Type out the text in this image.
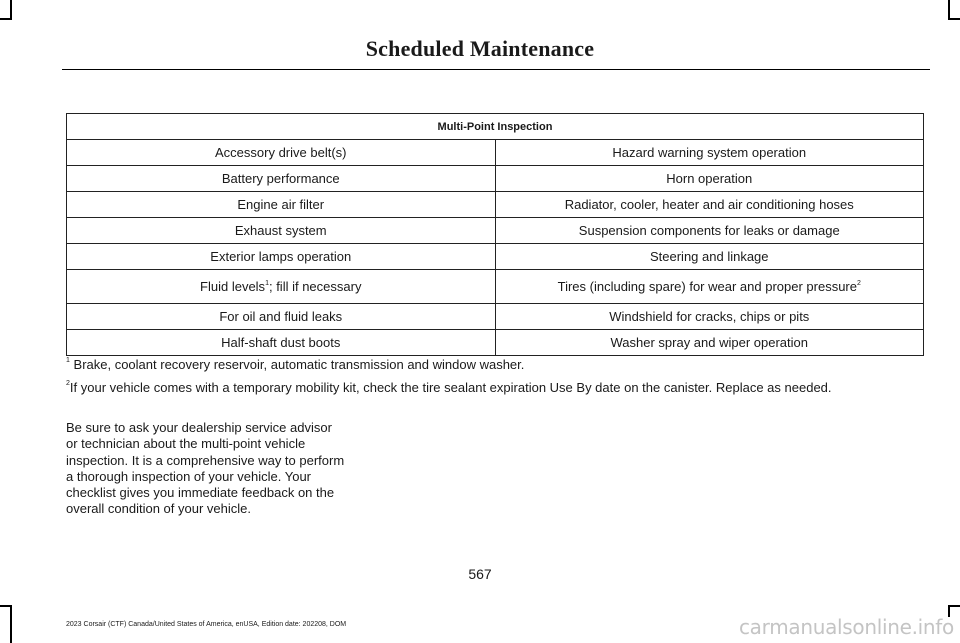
Scheduled Maintenance
Multi-Point Inspection	
Accessory drive belt(s)	Hazard warning system operation
Battery performance	Horn operation
Engine air filter	Radiator, cooler, heater and air conditioning hoses
Exhaust system	Suspension components for leaks or damage
Exterior lamps operation	Steering and linkage
Fluid levels$^1$; fill if necessary	Tires (including spare) for wear and proper pressure$^2$
For oil and fluid leaks	Windshield for cracks, chips or pits
Half-shaft dust boots	Washer spray and wiper operation
$^1$ Brake, coolant recovery reservoir, automatic transmission and window washer.
$^2$If your vehicle comes with a temporary mobility kit, check the tire sealant expiration Use By date on the canister. Replace as needed.

Be sure to ask your dealership service advisor or technician about the multi-point vehicle inspection. It is a comprehensive way to perform a thorough inspection of your vehicle. Your checklist gives you immediate feedback on the overall condition of your vehicle.

567
2023 Corsair (CTF) Canada/United States of America, enUSA, Edition date: 202208, DOM	carmanualsonline.info
